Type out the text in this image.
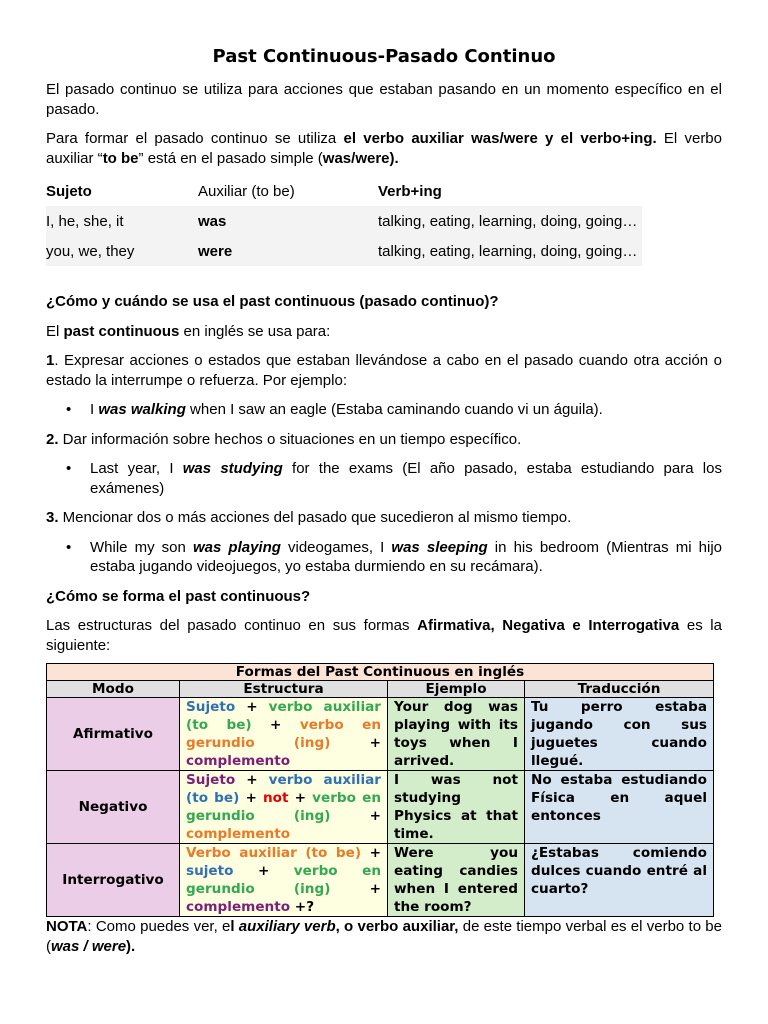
Past Continuous-Pasado Continuo

El pasado continuo se utiliza para acciones que estaban pasando en un momento específico en el pasado.

Para formar el pasado continuo se utiliza el verbo auxiliar was/were y el verbo+ing. El verbo auxiliar “to be” está en el pasado simple (was/were).

Sujeto	Auxiliar (to be)	Verb+ing
I, he, she, it	was	talking, eating, learning, doing, going…
you, we, they	were	talking, eating, learning, doing, going…

¿Cómo y cuándo se usa el past continuous (pasado continuo)?

El past continuous en inglés se usa para:

1. Expresar acciones o estados que estaban llevándose a cabo en el pasado cuando otra acción o estado la interrumpe o refuerza. Por ejemplo:

• I was walking when I saw an eagle (Estaba caminando cuando vi un águila).

2. Dar información sobre hechos o situaciones en un tiempo específico.

• Last year, I was studying for the exams (El año pasado, estaba estudiando para los exámenes)

3. Mencionar dos o más acciones del pasado que sucedieron al mismo tiempo.

• While my son was playing videogames, I was sleeping in his bedroom (Mientras mi hijo estaba jugando videojuegos, yo estaba durmiendo en su recámara).

¿Cómo se forma el past continuous?

Las estructuras del pasado continuo en sus formas Afirmativa, Negativa e Interrogativa es la siguiente:

Formas del Past Continuous en inglés			
Modo	Estructura	Ejemplo	Traducción
Afirmativo	Sujeto + verbo auxiliar (to be) + verbo en gerundio (ing) + complemento	Your dog was playing with its toys when I arrived.	Tu perro estaba jugando con sus juguetes cuando llegué.
Negativo	Sujeto + verbo auxiliar (to be) + not + verbo en gerundio (ing) + complemento	I was not studying Physics at that time.	No estaba estudiando Física en aquel entonces
Interrogativo	Verbo auxiliar (to be) + sujeto + verbo en gerundio (ing) + complemento +?	Were you eating candies when I entered the room?	¿Estabas comiendo dulces cuando entré al cuarto?

NOTA: Como puedes ver, el auxiliary verb, o verbo auxiliar, de este tiempo verbal es el verbo to be (was / were).
